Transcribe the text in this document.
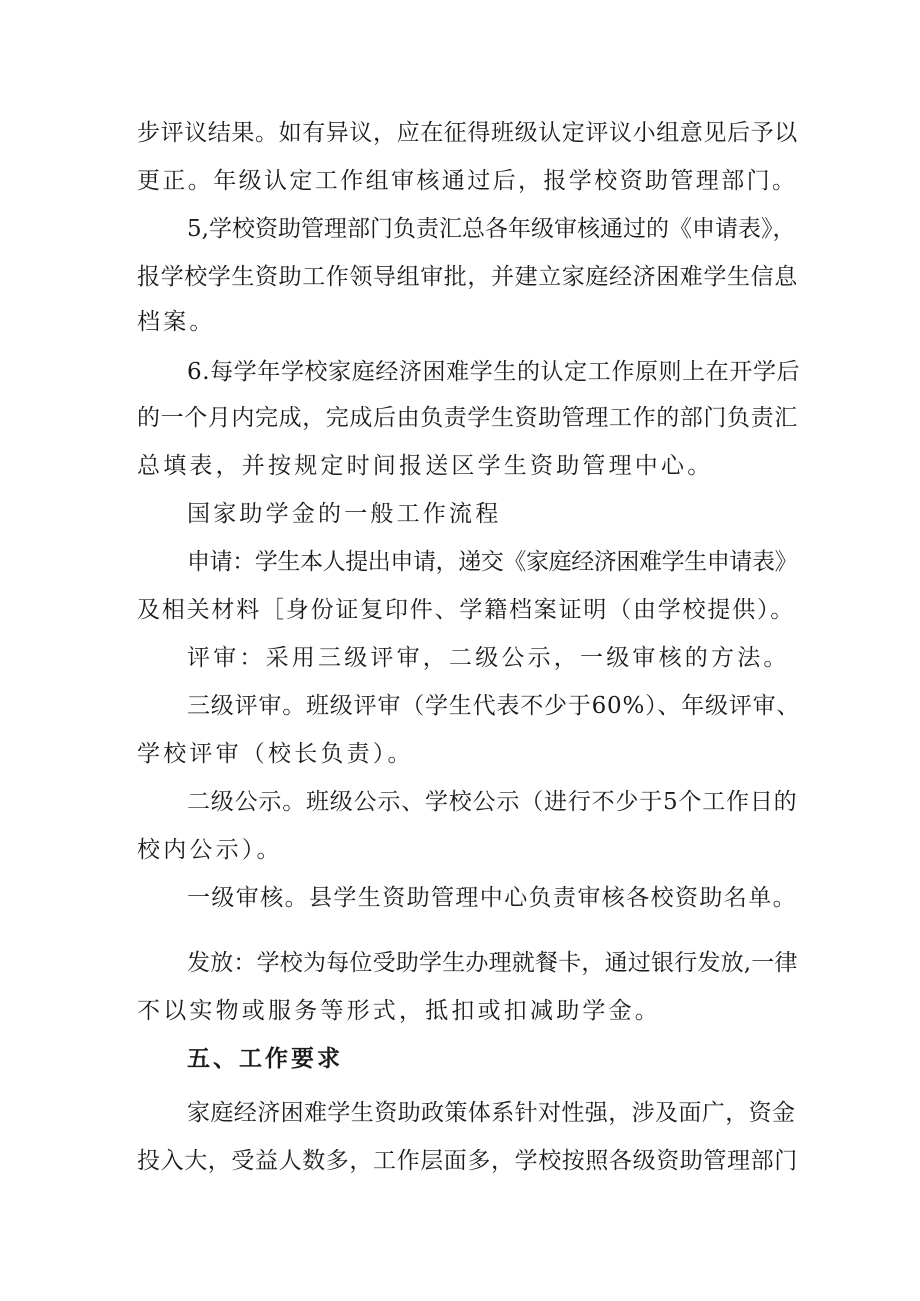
步评议结果。如有异议，应在征得班级认定评议小组意见后予以
更正。年级认定工作组审核通过后，报学校资助管理部门。
5,学校资助管理部门负责汇总各年级审核通过的《申请表》，
报学校学生资助工作领导组审批，并建立家庭经济困难学生信息
档案。
6.每学年学校家庭经济困难学生的认定工作原则上在开学后
的一个月内完成，完成后由负责学生资助管理工作的部门负责汇
总填表，并按规定时间报送区学生资助管理中心。
国家助学金的一般工作流程
申请：学生本人提出申请，递交《家庭经济困难学生申请表》
及相关材料［身份证复印件、学籍档案证明（由学校提供）。
评审：采用三级评审，二级公示，一级审核的方法。
三级评审。班级评审（学生代表不少于60%）、年级评审、
学校评审（校长负责）。
二级公示。班级公示、学校公示（进行不少于5个工作日的
校内公示）。
一级审核。县学生资助管理中心负责审核各校资助名单。
发放：学校为每位受助学生办理就餐卡，通过银行发放,一律
不以实物或服务等形式，抵扣或扣减助学金。
五、工作要求
家庭经济困难学生资助政策体系针对性强，涉及面广，资金
投入大，受益人数多，工作层面多，学校按照各级资助管理部门
